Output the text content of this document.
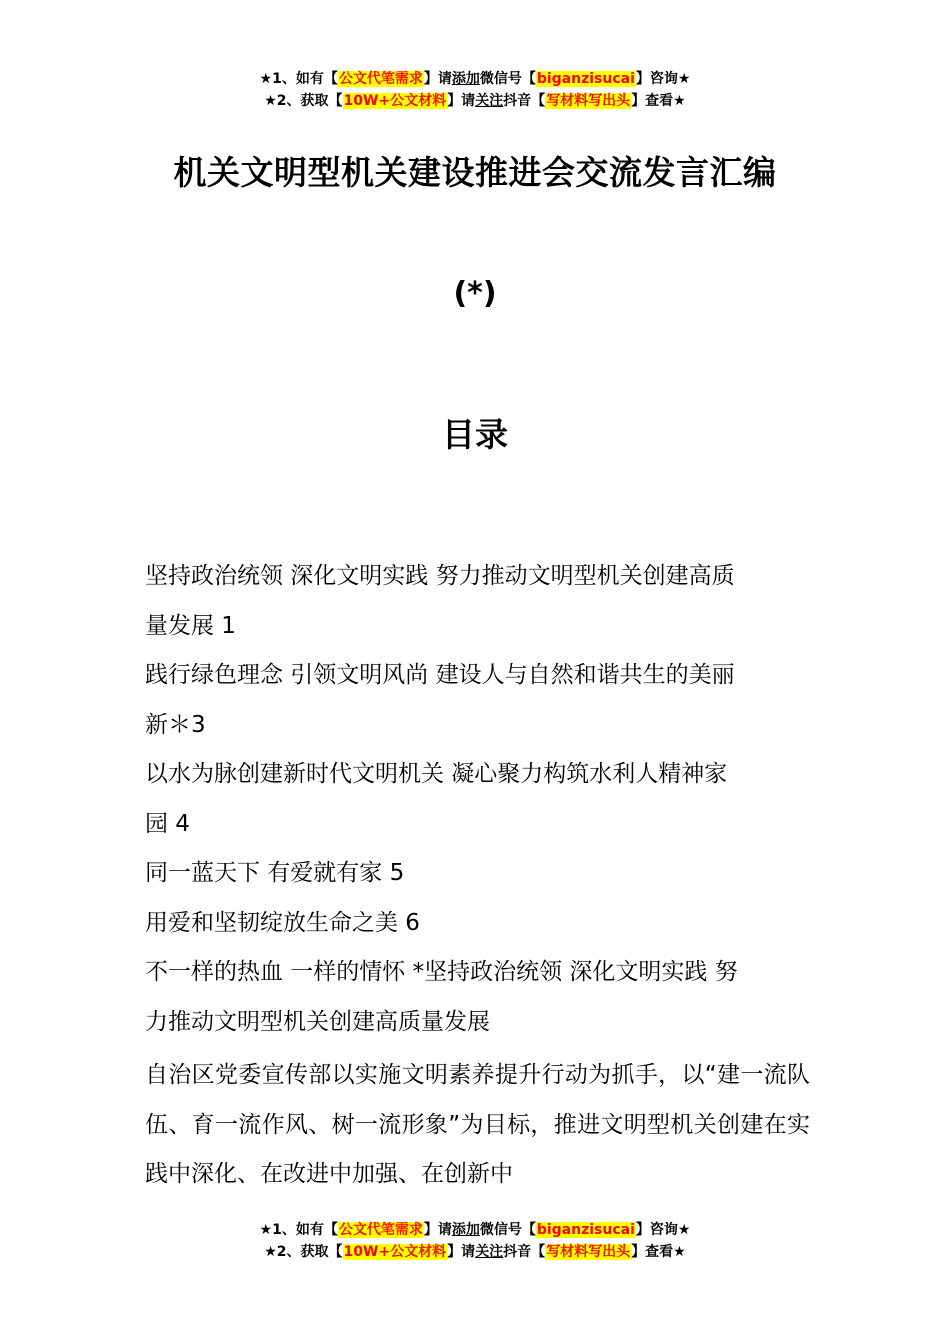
★1、如有【公文代笔需求】请添加微信号【biganzisucai】咨询★
★2、获取【10W+公文材料】请关注抖音【写材料写出头】查看★
机关文明型机关建设推进会交流发言汇编
(*)
目录

坚持政治统领 深化文明实践 努力推动文明型机关创建高质

量发展 1

践行绿色理念 引领文明风尚 建设人与自然和谐共生的美丽

新＊3

以水为脉创建新时代文明机关 凝心聚力构筑水利人精神家

园 4

同一蓝天下 有爱就有家 5

用爱和坚韧绽放生命之美 6

不一样的热血 一样的情怀 *坚持政治统领 深化文明实践 努

力推动文明型机关创建高质量发展

自治区党委宣传部以实施文明素养提升行动为抓手，以“建一流队伍、育一流作风、树一流形象”为目标，推进文明型机关创建在实践中深化、在改进中加强、在创新中

★1、如有【公文代笔需求】请添加微信号【biganzisucai】咨询★
★2、获取【10W+公文材料】请关注抖音【写材料写出头】查看★
